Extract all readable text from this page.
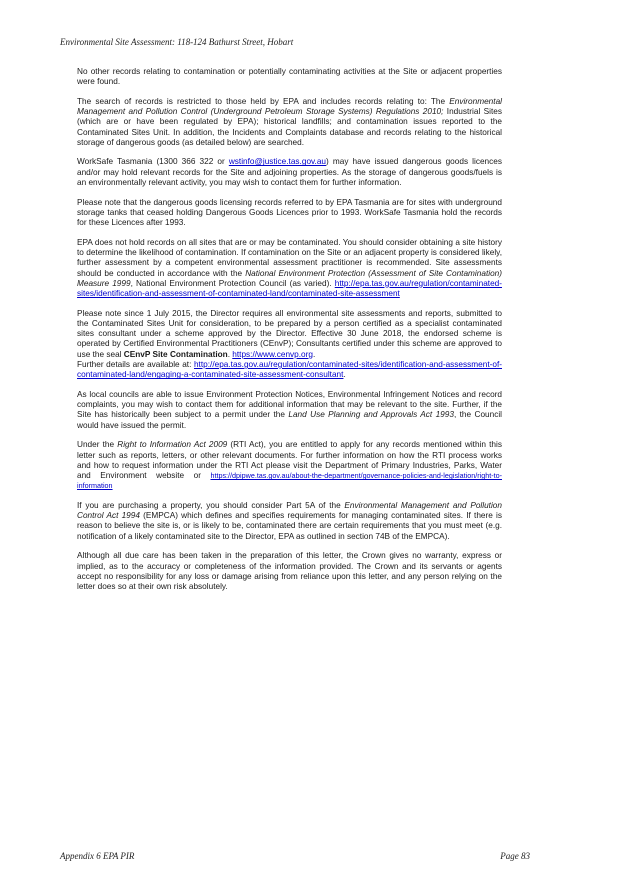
Environmental Site Assessment: 118-124 Bathurst Street, Hobart

No other records relating to contamination or potentially contaminating activities at the Site or adjacent properties were found.

The search of records is restricted to those held by EPA and includes records relating to: The Environmental Management and Pollution Control (Underground Petroleum Storage Systems) Regulations 2010; Industrial Sites (which are or have been regulated by EPA); historical landfills; and contamination issues reported to the Contaminated Sites Unit. In addition, the Incidents and Complaints database and records relating to the historical storage of dangerous goods (as detailed below) are searched.

WorkSafe Tasmania (1300 366 322 or wstinfo@justice.tas.gov.au) may have issued dangerous goods licences and/or may hold relevant records for the Site and adjoining properties. As the storage of dangerous goods/fuels is an environmentally relevant activity, you may wish to contact them for further information.

Please note that the dangerous goods licensing records referred to by EPA Tasmania are for sites with underground storage tanks that ceased holding Dangerous Goods Licences prior to 1993. WorkSafe Tasmania hold the records for these Licences after 1993.

EPA does not hold records on all sites that are or may be contaminated. You should consider obtaining a site history to determine the likelihood of contamination. If contamination on the Site or an adjacent property is considered likely, further assessment by a competent environmental assessment practitioner is recommended. Site assessments should be conducted in accordance with the National Environment Protection (Assessment of Site Contamination) Measure 1999, National Environment Protection Council (as varied). http://epa.tas.gov.au/regulation/contaminated-sites/identification-and-assessment-of-contaminated-land/contaminated-site-assessment

Please note since 1 July 2015, the Director requires all environmental site assessments and reports, submitted to the Contaminated Sites Unit for consideration, to be prepared by a person certified as a specialist contaminated sites consultant under a scheme approved by the Director. Effective 30 June 2018, the endorsed scheme is operated by Certified Environmental Practitioners (CEnvP); Consultants certified under this scheme are approved to use the seal CEnvP Site Contamination. https://www.cenvp.org.
Further details are available at: http://epa.tas.gov.au/regulation/contaminated-sites/identification-and-assessment-of-contaminated-land/engaging-a-contaminated-site-assessment-consultant.

As local councils are able to issue Environment Protection Notices, Environmental Infringement Notices and record complaints, you may wish to contact them for additional information that may be relevant to the site. Further, if the Site has historically been subject to a permit under the Land Use Planning and Approvals Act 1993, the Council would have issued the permit.

Under the Right to Information Act 2009 (RTI Act), you are entitled to apply for any records mentioned within this letter such as reports, letters, or other relevant documents. For further information on how the RTI process works and how to request information under the RTI Act please visit the Department of Primary Industries, Parks, Water and Environment website or https://dpipwe.tas.gov.au/about-the-department/governance-policies-and-legislation/right-to-information

If you are purchasing a property, you should consider Part 5A of the Environmental Management and Pollution Control Act 1994 (EMPCA) which defines and specifies requirements for managing contaminated sites. If there is reason to believe the site is, or is likely to be, contaminated there are certain requirements that you must meet (e.g. notification of a likely contaminated site to the Director, EPA as outlined in section 74B of the EMPCA).

Although all due care has been taken in the preparation of this letter, the Crown gives no warranty, express or implied, as to the accuracy or completeness of the information provided. The Crown and its servants or agents accept no responsibility for any loss or damage arising from reliance upon this letter, and any person relying on the letter does so at their own risk absolutely.

Appendix 6 EPA PIR	Page 83
